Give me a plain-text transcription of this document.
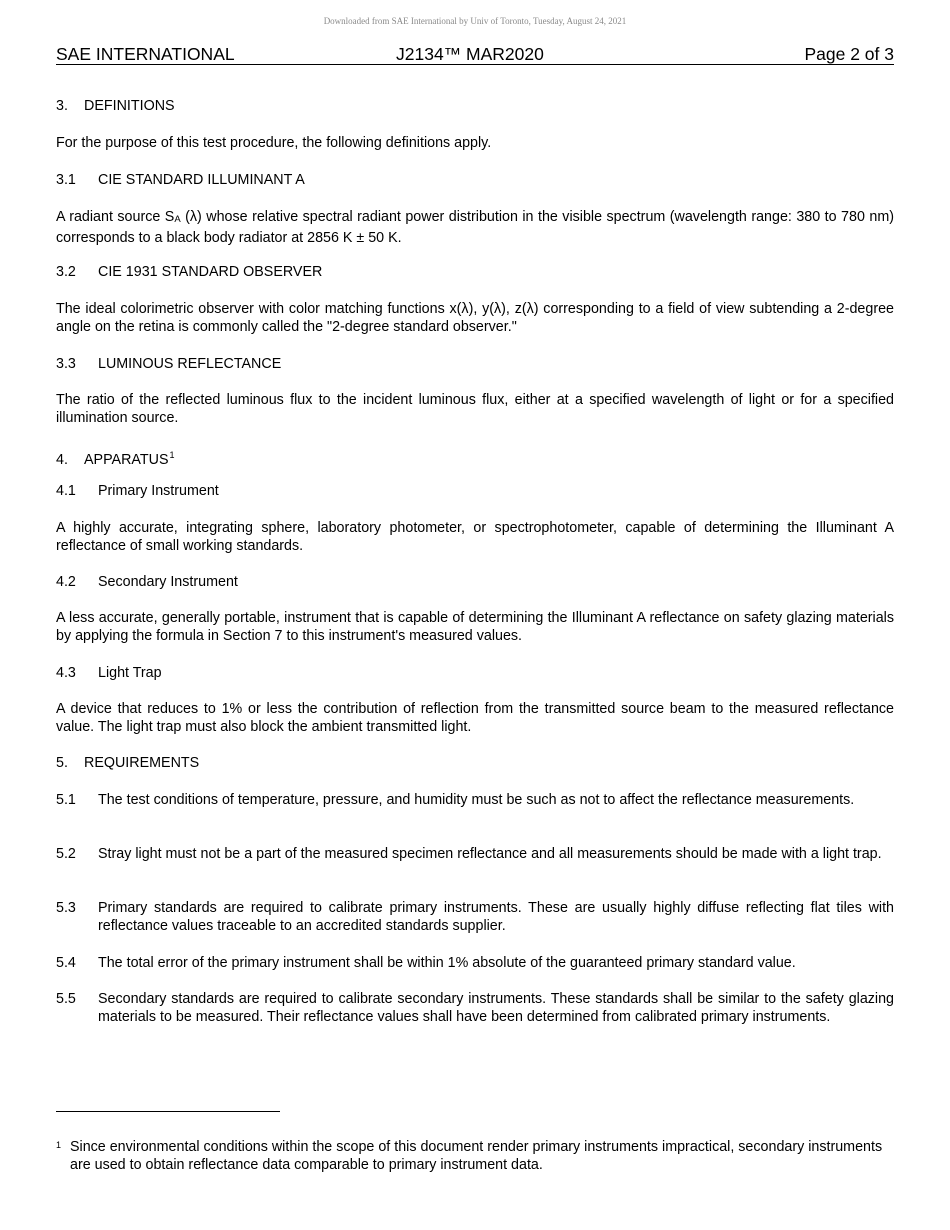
Downloaded from SAE International by Univ of Toronto, Tuesday, August 24, 2021
SAE INTERNATIONAL	J2134™ MAR2020	Page 2 of 3
3. DEFINITIONS
For the purpose of this test procedure, the following definitions apply.
3.1 CIE STANDARD ILLUMINANT A
A radiant source SA (λ) whose relative spectral radiant power distribution in the visible spectrum (wavelength range: 380 to 780 nm) corresponds to a black body radiator at 2856 K ± 50 K.
3.2 CIE 1931 STANDARD OBSERVER
The ideal colorimetric observer with color matching functions x(λ), y(λ), z(λ) corresponding to a field of view subtending a 2-degree angle on the retina is commonly called the "2-degree standard observer."
3.3 LUMINOUS REFLECTANCE
The ratio of the reflected luminous flux to the incident luminous flux, either at a specified wavelength of light or for a specified illumination source.
4. APPARATUS$^1$
4.1 Primary Instrument
A highly accurate, integrating sphere, laboratory photometer, or spectrophotometer, capable of determining the Illuminant A reflectance of small working standards.
4.2 Secondary Instrument
A less accurate, generally portable, instrument that is capable of determining the Illuminant A reflectance on safety glazing materials by applying the formula in Section 7 to this instrument's measured values.
4.3 Light Trap
A device that reduces to 1% or less the contribution of reflection from the transmitted source beam to the measured reflectance value. The light trap must also block the ambient transmitted light.
5. REQUIREMENTS
5.1	The test conditions of temperature, pressure, and humidity must be such as not to affect the reflectance measurements.
5.2	Stray light must not be a part of the measured specimen reflectance and all measurements should be made with a light trap.
5.3	Primary standards are required to calibrate primary instruments. These are usually highly diffuse reflecting flat tiles with reflectance values traceable to an accredited standards supplier.
5.4	The total error of the primary instrument shall be within 1% absolute of the guaranteed primary standard value.
5.5	Secondary standards are required to calibrate secondary instruments. These standards shall be similar to the safety glazing materials to be measured. Their reflectance values shall have been determined from calibrated primary instruments.
1 Since environmental conditions within the scope of this document render primary instruments impractical, secondary instruments are used to obtain reflectance data comparable to primary instrument data.
